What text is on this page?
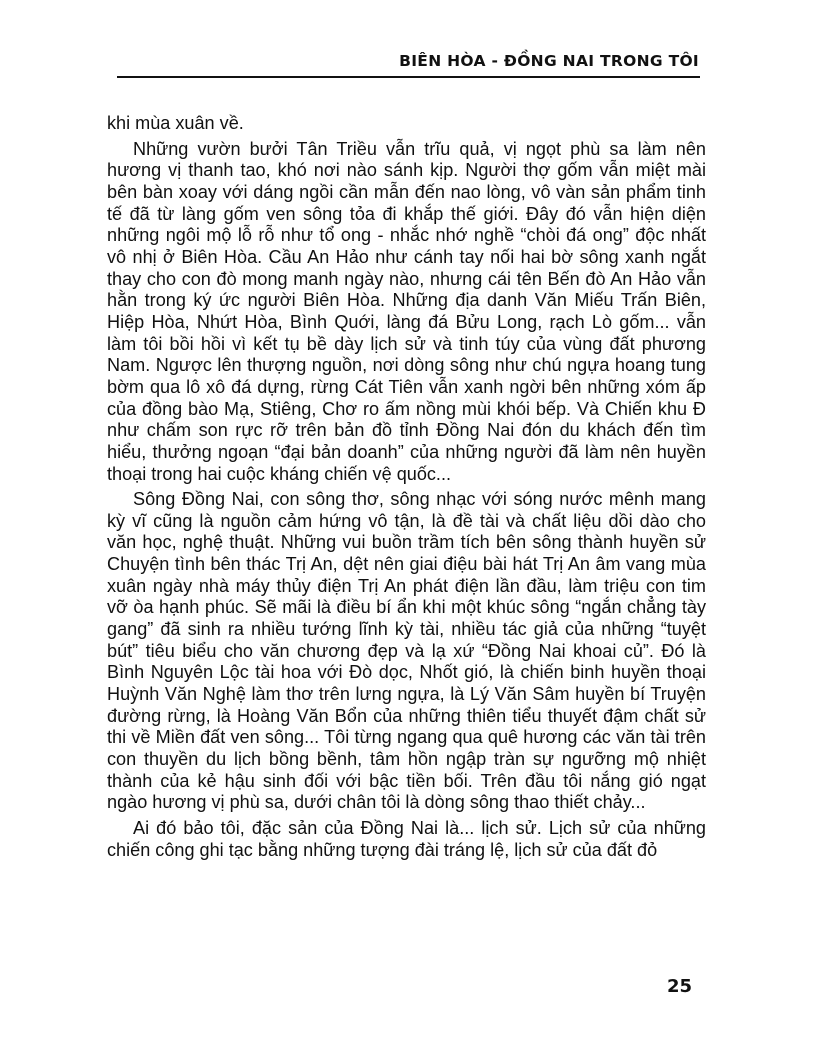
BIÊN HÒA - ĐỒNG NAI TRONG TÔI

khi mùa xuân về.

Những vườn bưởi Tân Triều vẫn trĩu quả, vị ngọt phù sa làm nên hương vị thanh tao, khó nơi nào sánh kịp. Người thợ gốm vẫn miệt mài bên bàn xoay với dáng ngồi cần mẫn đến nao lòng, vô vàn sản phẩm tinh tế đã từ làng gốm ven sông tỏa đi khắp thế giới. Đây đó vẫn hiện diện những ngôi mộ lỗ rỗ như tổ ong - nhắc nhớ nghề “chòi đá ong” độc nhất vô nhị ở Biên Hòa. Cầu An Hảo như cánh tay nối hai bờ sông xanh ngắt thay cho con đò mong manh ngày nào, nhưng cái tên Bến đò An Hảo vẫn hằn trong ký ức người Biên Hòa. Những địa danh Văn Miếu Trấn Biên, Hiệp Hòa, Nhứt Hòa, Bình Quới, làng đá Bửu Long, rạch Lò gốm... vẫn làm tôi bồi hồi vì kết tụ bề dày lịch sử và tinh túy của vùng đất phương Nam. Ngược lên thượng nguồn, nơi dòng sông như chú ngựa hoang tung bờm qua lô xô đá dựng, rừng Cát Tiên vẫn xanh ngời bên những xóm ấp của đồng bào Mạ, Stiêng, Chơ ro ấm nồng mùi khói bếp. Và Chiến khu Đ như chấm son rực rỡ trên bản đồ tỉnh Đồng Nai đón du khách đến tìm hiểu, thưởng ngoạn “đại bản doanh” của những người đã làm nên huyền thoại trong hai cuộc kháng chiến vệ quốc...

Sông Đồng Nai, con sông thơ, sông nhạc với sóng nước mênh mang kỳ vĩ cũng là nguồn cảm hứng vô tận, là đề tài và chất liệu dồi dào cho văn học, nghệ thuật. Những vui buồn trầm tích bên sông thành huyền sử Chuyện tình bên thác Trị An, dệt nên giai điệu bài hát Trị An âm vang mùa xuân ngày nhà máy thủy điện Trị An phát điện lần đầu, làm triệu con tim vỡ òa hạnh phúc. Sẽ mãi là điều bí ẩn khi một khúc sông “ngắn chẳng tày gang” đã sinh ra nhiều tướng lĩnh kỳ tài, nhiều tác giả của những “tuyệt bút” tiêu biểu cho văn chương đẹp và lạ xứ “Đồng Nai khoai củ”. Đó là Bình Nguyên Lộc tài hoa với Đò dọc, Nhốt gió, là chiến binh huyền thoại Huỳnh Văn Nghệ làm thơ trên lưng ngựa, là Lý Văn Sâm huyền bí Truyện đường rừng, là Hoàng Văn Bổn của những thiên tiểu thuyết đậm chất sử thi về Miền đất ven sông... Tôi từng ngang qua quê hương các văn tài trên con thuyền du lịch bồng bềnh, tâm hồn ngập tràn sự ngưỡng mộ nhiệt thành của kẻ hậu sinh đối với bậc tiền bối. Trên đầu tôi nắng gió ngạt ngào hương vị phù sa, dưới chân tôi là dòng sông thao thiết chảy...

Ai đó bảo tôi, đặc sản của Đồng Nai là... lịch sử. Lịch sử của những chiến công ghi tạc bằng những tượng đài tráng lệ, lịch sử của đất đỏ

25
